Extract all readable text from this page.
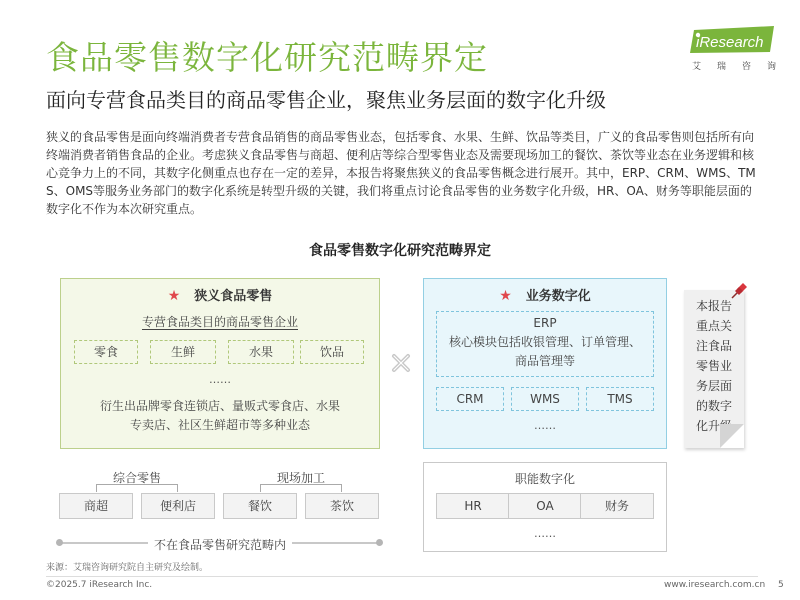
食品零售数字化研究范畴界定
面向专营食品类目的商品零售企业，聚焦业务层面的数字化升级
iResearch
艾 瑞 咨 询
狭义的食品零售是面向终端消费者专营食品销售的商品零售业态，包括零食、水果、生鲜、饮品等类目，广义的食品零售则包括所有向终端消费者销售食品的企业。考虑狭义食品零售与商超、便利店等综合型零售业态及需要现场加工的餐饮、茶饮等业态在业务逻辑和核心竞争力上的不同，其数字化侧重点也存在一定的差异，本报告将聚焦狭义的食品零售概念进行展开。其中，ERP、CRM、WMS、TMS、OMS等服务业务部门的数字化系统是转型升级的关键，我们将重点讨论食品零售的业务数字化升级，HR、OA、财务等职能层面的数字化不作为本次研究重点。
食品零售数字化研究范畴界定
★ 狭义食品零售
专营食品类目的商品零售企业
零食	生鲜	水果	饮品
……
衍生出品牌零食连锁店、量贩式零食店、水果
专卖店、社区生鲜超市等多种业态
★ 业务数字化
ERP
核心模块包括收银管理、订单管理、商品管理等
CRM	WMS	TMS
……
本报告
重点关
注食品
零售业
务层面
的数字
化升级
综合零售
商超	便利店
现场加工
餐饮	茶饮
职能数字化
HR	OA	财务
……
不在食品零售研究范畴内
来源：艾瑞咨询研究院自主研究及绘制。
©2025.7 iResearch Inc.	www.iresearch.com.cn 5
